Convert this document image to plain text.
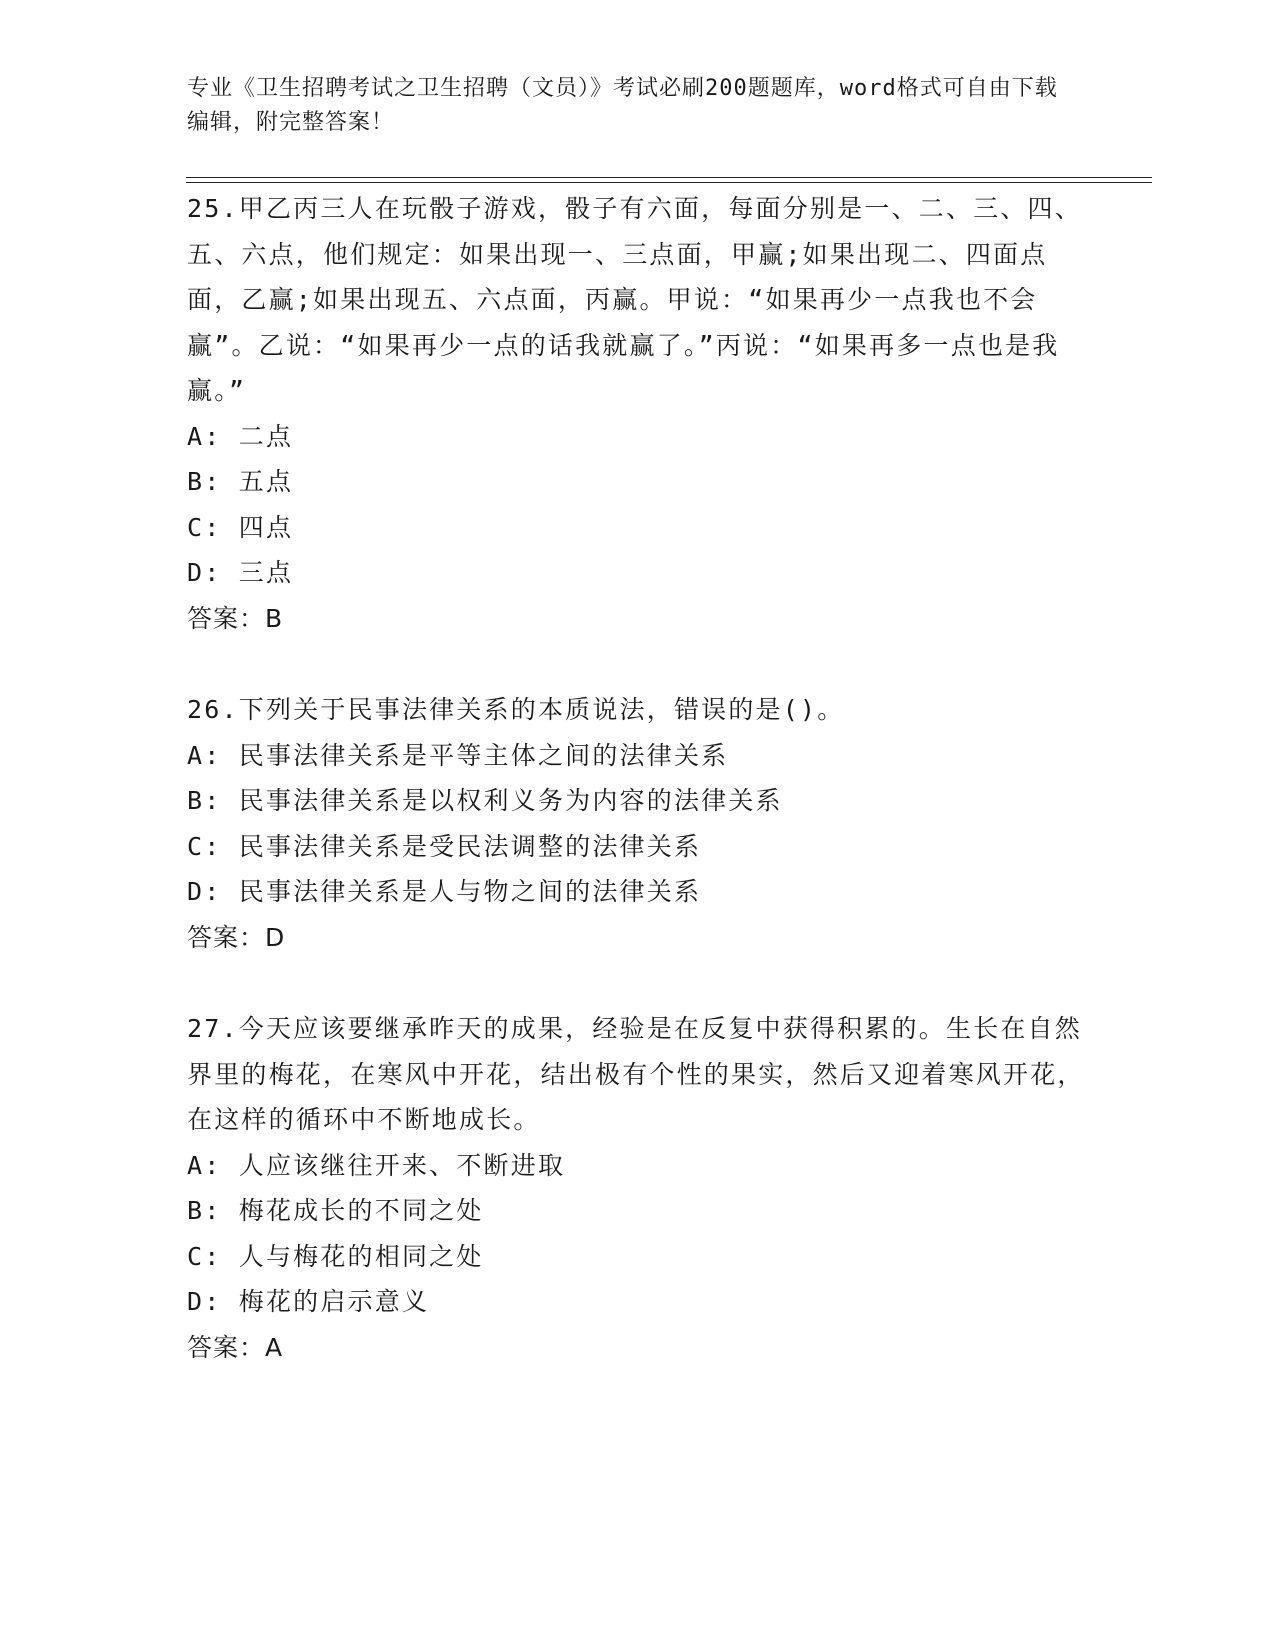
专业《卫生招聘考试之卫生招聘（文员）》考试必刷200题题库，word格式可自由下载编辑，附完整答案！

25.甲乙丙三人在玩骰子游戏，骰子有六面，每面分别是一、二、三、四、五、六点，他们规定：如果出现一、三点面，甲赢;如果出现二、四面点面，乙赢;如果出现五、六点面，丙赢。甲说：“如果再少一点我也不会赢”。乙说：“如果再少一点的话我就赢了。”丙说：“如果再多一点也是我赢。”

A: 二点

B: 五点

C: 四点

D: 三点

答案：B

26.下列关于民事法律关系的本质说法，错误的是()。

A: 民事法律关系是平等主体之间的法律关系

B: 民事法律关系是以权利义务为内容的法律关系

C: 民事法律关系是受民法调整的法律关系

D: 民事法律关系是人与物之间的法律关系

答案：D

27.今天应该要继承昨天的成果，经验是在反复中获得积累的。生长在自然界里的梅花，在寒风中开花，结出极有个性的果实，然后又迎着寒风开花，在这样的循环中不断地成长。

A: 人应该继往开来、不断进取

B: 梅花成长的不同之处

C: 人与梅花的相同之处

D: 梅花的启示意义

答案：A
